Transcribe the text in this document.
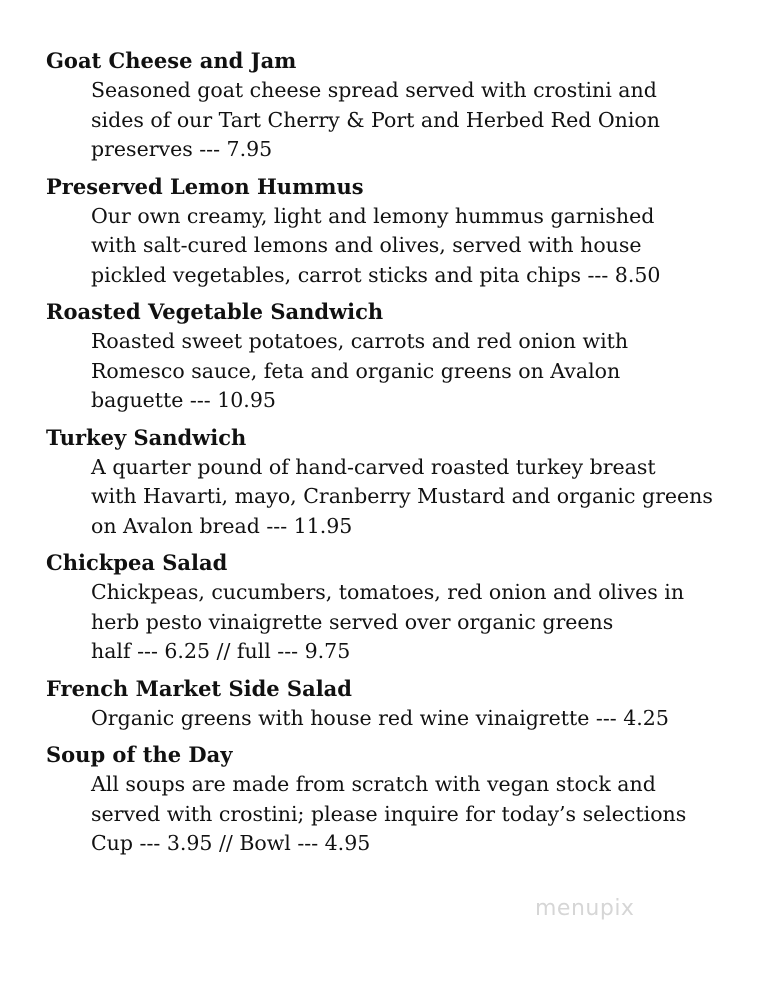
Goat Cheese and Jam

Seasoned goat cheese spread served with crostini and
sides of our Tart Cherry & Port and Herbed Red Onion
preserves --- 7.95

Preserved Lemon Hummus

Our own creamy, light and lemony hummus garnished
with salt-cured lemons and olives, served with house
pickled vegetables, carrot sticks and pita chips --- 8.50

Roasted Vegetable Sandwich

Roasted sweet potatoes, carrots and red onion with
Romesco sauce, feta and organic greens on Avalon
baguette --- 10.95

Turkey Sandwich

A quarter pound of hand-carved roasted turkey breast
with Havarti, mayo, Cranberry Mustard and organic greens
on Avalon bread --- 11.95

Chickpea Salad

Chickpeas, cucumbers, tomatoes, red onion and olives in
herb pesto vinaigrette served over organic greens
half --- 6.25 // full --- 9.75

French Market Side Salad

Organic greens with house red wine vinaigrette --- 4.25

Soup of the Day

All soups are made from scratch with vegan stock and
served with crostini; please inquire for today’s selections
Cup --- 3.95 // Bowl --- 4.95

menupix
